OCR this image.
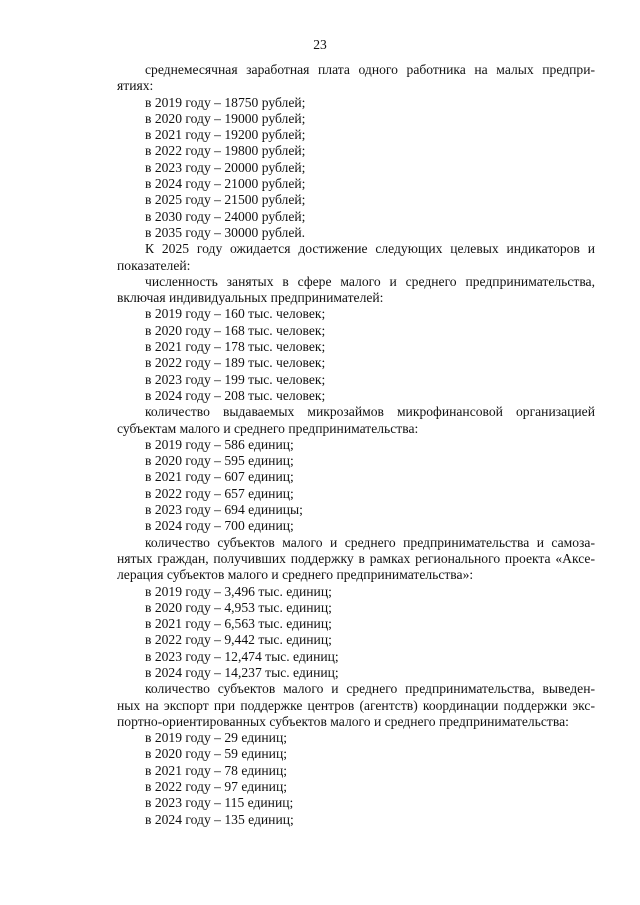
23
среднемесячная заработная плата одного работника на малых предпри-
ятиях:
в 2019 году – 18750 рублей;
в 2020 году – 19000 рублей;
в 2021 году – 19200 рублей;
в 2022 году – 19800 рублей;
в 2023 году – 20000 рублей;
в 2024 году – 21000 рублей;
в 2025 году – 21500 рублей;
в 2030 году – 24000 рублей;
в 2035 году – 30000 рублей.
К 2025 году ожидается достижение следующих целевых индикаторов и
показателей:
численность занятых в сфере малого и среднего предпринимательства,
включая индивидуальных предпринимателей:
в 2019 году – 160 тыс. человек;
в 2020 году – 168 тыс. человек;
в 2021 году – 178 тыс. человек;
в 2022 году – 189 тыс. человек;
в 2023 году – 199 тыс. человек;
в 2024 году – 208 тыс. человек;
количество выдаваемых микрозаймов микрофинансовой организацией
субъектам малого и среднего предпринимательства:
в 2019 году – 586 единиц;
в 2020 году – 595 единиц;
в 2021 году – 607 единиц;
в 2022 году – 657 единиц;
в 2023 году – 694 единицы;
в 2024 году – 700 единиц;
количество субъектов малого и среднего предпринимательства и самоза-
нятых граждан, получивших поддержку в рамках регионального проекта «Аксе-
лерация субъектов малого и среднего предпринимательства»:
в 2019 году – 3,496 тыс. единиц;
в 2020 году – 4,953 тыс. единиц;
в 2021 году – 6,563 тыс. единиц;
в 2022 году – 9,442 тыс. единиц;
в 2023 году – 12,474 тыс. единиц;
в 2024 году – 14,237 тыс. единиц;
количество субъектов малого и среднего предпринимательства, выведен-
ных на экспорт при поддержке центров (агентств) координации поддержки экс-
портно-ориентированных субъектов малого и среднего предпринимательства:
в 2019 году – 29 единиц;
в 2020 году – 59 единиц;
в 2021 году – 78 единиц;
в 2022 году – 97 единиц;
в 2023 году – 115 единиц;
в 2024 году – 135 единиц;
